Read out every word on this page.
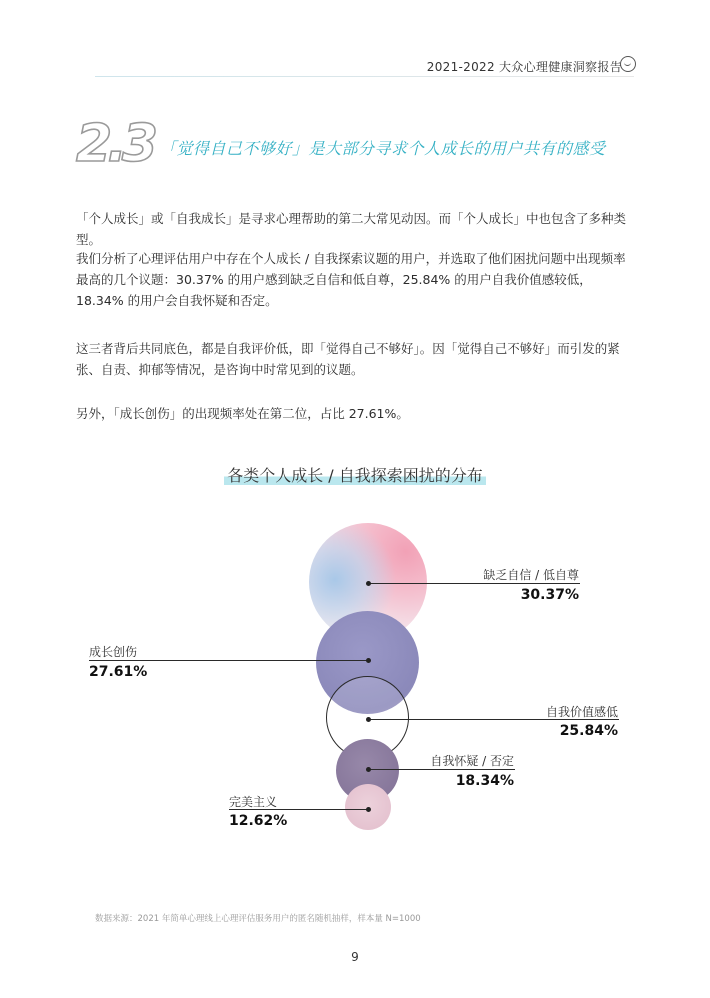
2021-2022 大众心理健康洞察报告
2.3 「觉得自己不够好」是大部分寻求个人成长的用户共有的感受

「个人成长」或「自我成长」是寻求心理帮助的第二大常见动因。而「个人成长」中也包含了多种类型。

我们分析了心理评估用户中存在个人成长 / 自我探索议题的用户，并选取了他们困扰问题中出现频率最高的几个议题：30.37% 的用户感到缺乏自信和低自尊，25.84% 的用户自我价值感较低，18.34% 的用户会自我怀疑和否定。

这三者背后共同底色，都是自我评价低，即「觉得自己不够好」。因「觉得自己不够好」而引发的紧张、自责、抑郁等情况，是咨询中时常见到的议题。

另外，「成长创伤」的出现频率处在第二位，占比 27.61%。

各类个人成长 / 自我探索困扰的分布
缺乏自信 / 低自尊
30.37%
成长创伤
27.61%
自我价值感低
25.84%
自我怀疑 / 否定
18.34%
完美主义
12.62%
数据来源：2021 年简单心理线上心理评估服务用户的匿名随机抽样，样本量 N=1000
9
